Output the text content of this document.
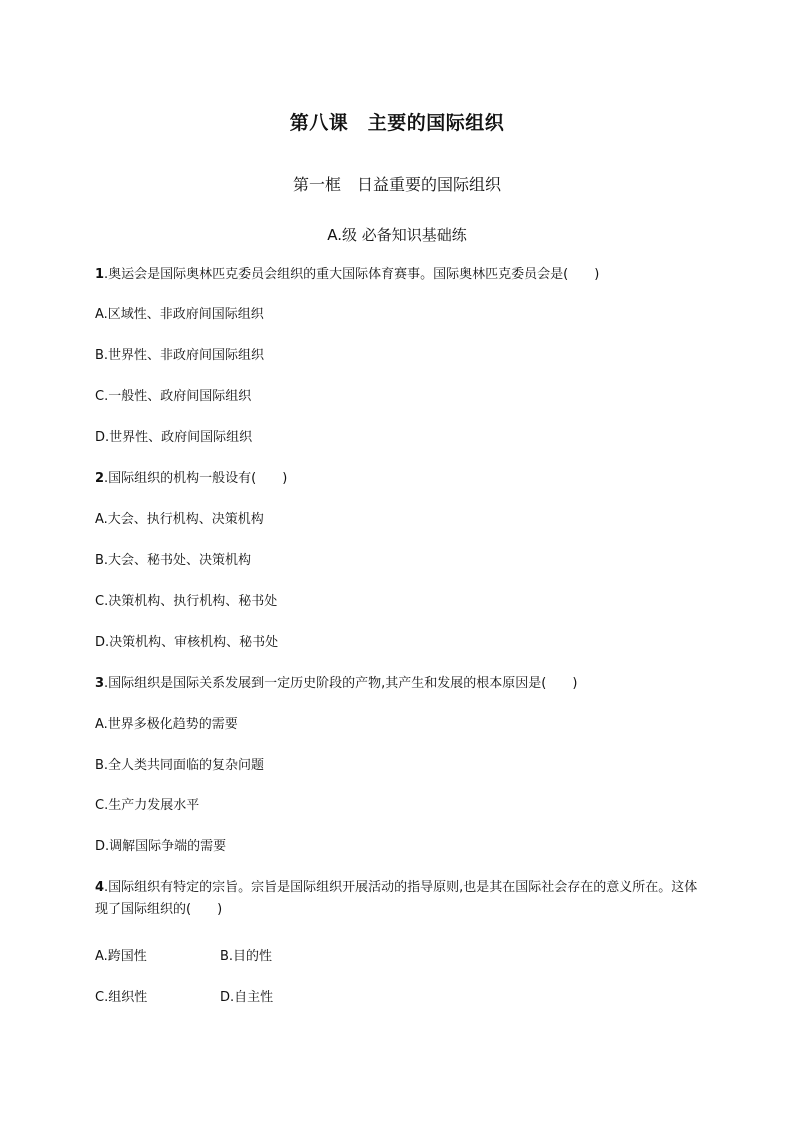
第八课　主要的国际组织
第一框　日益重要的国际组织
A.级 必备知识基础练
1.奥运会是国际奥林匹克委员会组织的重大国际体育赛事。国际奥林匹克委员会是(　　)
A.区域性、非政府间国际组织
B.世界性、非政府间国际组织
C.一般性、政府间国际组织
D.世界性、政府间国际组织
2.国际组织的机构一般设有(　　)
A.大会、执行机构、决策机构
B.大会、秘书处、决策机构
C.决策机构、执行机构、秘书处
D.决策机构、审核机构、秘书处
3.国际组织是国际关系发展到一定历史阶段的产物,其产生和发展的根本原因是(　　)
A.世界多极化趋势的需要
B.全人类共同面临的复杂问题
C.生产力发展水平
D.调解国际争端的需要
4.国际组织有特定的宗旨。宗旨是国际组织开展活动的指导原则,也是其在国际社会存在的意义所在。这体现了国际组织的(　　)
A.跨国性	B.目的性
C.组织性	D.自主性
